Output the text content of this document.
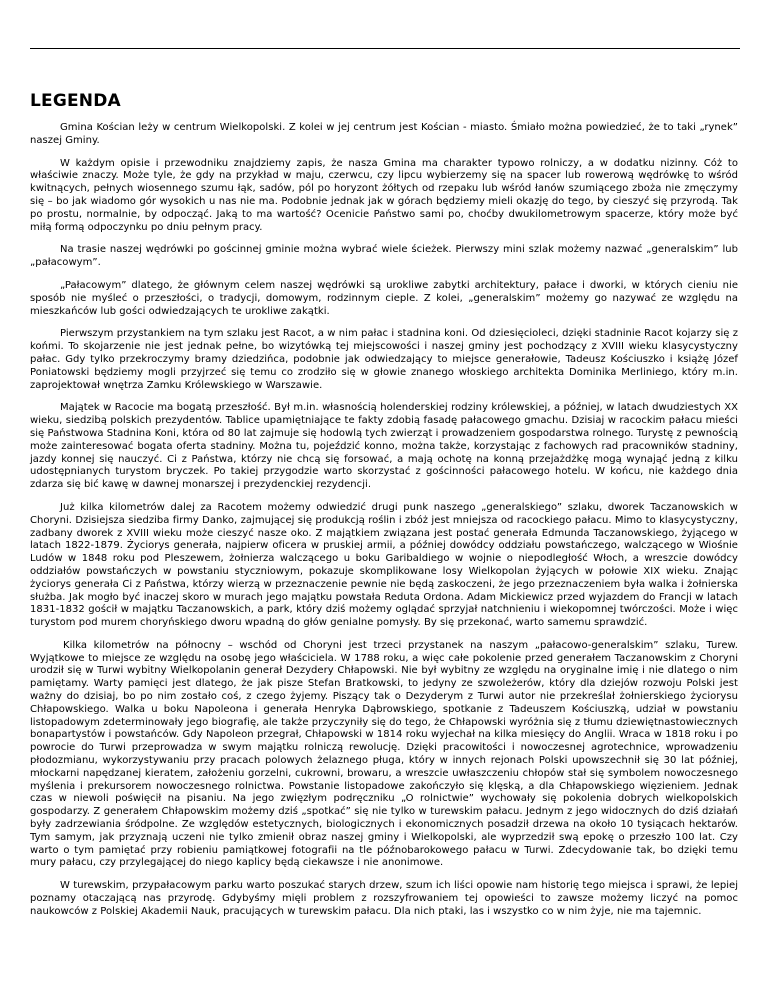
LEGENDA

Gmina Kościan leży w centrum Wielkopolski. Z kolei w jej centrum jest Kościan - miasto. Śmiało można powiedzieć, że to taki „rynek” naszej Gminy.

W każdym opisie i przewodniku znajdziemy zapis, że nasza Gmina ma charakter typowo rolniczy, a w dodatku nizinny. Cóż to właściwie znaczy. Może tyle, że gdy na przykład w maju, czerwcu, czy lipcu wybierzemy się na spacer lub rowerową wędrówkę to wśród kwitnących, pełnych wiosennego szumu łąk, sadów, pól po horyzont żółtych od rzepaku lub wśród łanów szumiącego zboża nie zmęczymy się – bo jak wiadomo gór wysokich u nas nie ma. Podobnie jednak jak w górach będziemy mieli okazję do tego, by cieszyć się przyrodą. Tak po prostu, normalnie, by odpocząć. Jaką to ma wartość? Ocenicie Państwo sami po, choćby dwukilometrowym spacerze, który może być miłą formą odpoczynku po dniu pełnym pracy.

Na trasie naszej wędrówki po gościnnej gminie można wybrać wiele ścieżek. Pierwszy mini szlak możemy nazwać „generalskim” lub „pałacowym”.

„Pałacowym” dlatego, że głównym celem naszej wędrówki są urokliwe zabytki architektury, pałace i dworki, w których cieniu nie sposób nie myśleć o przeszłości, o tradycji, domowym, rodzinnym cieple. Z kolei, „generalskim” możemy go nazywać ze względu na mieszkańców lub gości odwiedzających te urokliwe zakątki.

Pierwszym przystankiem na tym szlaku jest Racot, a w nim pałac i stadnina koni. Od dziesięcioleci, dzięki stadninie Racot kojarzy się z końmi. To skojarzenie nie jest jednak pełne, bo wizytówką tej miejscowości i naszej gminy jest pochodzący z XVIII wieku klasycystyczny pałac. Gdy tylko przekroczymy bramy dziedzińca, podobnie jak odwiedzający to miejsce generałowie, Tadeusz Kościuszko i książę Józef Poniatowski będziemy mogli przyjrzeć się temu co zrodziło się w głowie znanego włoskiego architekta Dominika Merliniego, który m.in. zaprojektował wnętrza Zamku Królewskiego w Warszawie.

Majątek w Racocie ma bogatą przeszłość. Był m.in. własnością holenderskiej rodziny królewskiej, a później, w latach dwudziestych XX wieku, siedzibą polskich prezydentów. Tablice upamiętniające te fakty zdobią fasadę pałacowego gmachu. Dzisiaj w racockim pałacu mieści się Państwowa Stadnina Koni, która od 80 lat zajmuje się hodowlą tych zwierząt i prowadzeniem gospodarstwa rolnego. Turystę z pewnością może zainteresować bogata oferta stadniny. Można tu, pojeździć konno, można także, korzystając z fachowych rad pracowników stadniny, jazdy konnej się nauczyć. Ci z Państwa, którzy nie chcą się forsować, a mają ochotę na konną przejażdżkę mogą wynająć jedną z kilku udostępnianych turystom bryczek. Po takiej przygodzie warto skorzystać z gościnności pałacowego hotelu. W końcu, nie każdego dnia zdarza się bić kawę w dawnej monarszej i prezydenckiej rezydencji.

Już kilka kilometrów dalej za Racotem możemy odwiedzić drugi punk naszego „generalskiego” szlaku, dworek Taczanowskich w Choryni. Dzisiejsza siedziba firmy Danko, zajmującej się produkcją roślin i zbóż jest mniejsza od racockiego pałacu. Mimo to klasycystyczny, zadbany dworek z XVIII wieku może cieszyć nasze oko. Z majątkiem związana jest postać generała Edmunda Taczanowskiego, żyjącego w latach 1822-1879. Życiorys generała, najpierw oficera w pruskiej armii, a później dowódcy oddziału powstańczego, walczącego w Wiośnie Ludów w 1848 roku pod Pleszewem, żołnierza walczącego u boku Garibaldiego w wojnie o niepodległość Włoch, a wreszcie dowódcy oddziałów powstańczych w powstaniu styczniowym, pokazuje skomplikowane losy Wielkopolan żyjących w połowie XIX wieku. Znając życiorys generała Ci z Państwa, którzy wierzą w przeznaczenie pewnie nie będą zaskoczeni, że jego przeznaczeniem była walka i żołnierska służba. Jak mogło być inaczej skoro w murach jego majątku powstała Reduta Ordona. Adam Mickiewicz przed wyjazdem do Francji w latach 1831-1832 gościł w majątku Taczanowskich, a park, który dziś możemy oglądać sprzyjał natchnieniu i wiekopomnej twórczości. Może i więc turystom pod murem choryńskiego dworu wpadną do głów genialne pomysły. By się przekonać, warto samemu sprawdzić.

Kilka kilometrów na północny – wschód od Choryni jest trzeci przystanek na naszym „pałacowo-generalskim” szlaku, Turew. Wyjątkowe to miejsce ze względu na osobę jego właściciela. W 1788 roku, a więc całe pokolenie przed generałem Taczanowskim z Choryni urodził się w Turwi wybitny Wielkopolanin generał Dezydery Chłapowski. Nie był wybitny ze względu na oryginalne imię i nie dlatego o nim pamiętamy. Warty pamięci jest dlatego, że jak pisze Stefan Bratkowski, to jedyny ze szwoleżerów, który dla dziejów rozwoju Polski jest ważny do dzisiaj, bo po nim zostało coś, z czego żyjemy. Piszący tak o Dezyderym z Turwi autor nie przekreślał żołnierskiego życiorysu Chłapowskiego. Walka u boku Napoleona i generała Henryka Dąbrowskiego, spotkanie z Tadeuszem Kościuszką, udział w powstaniu listopadowym zdeterminowały jego biografię, ale także przyczyniły się do tego, że Chłapowski wyróżnia się z tłumu dziewiętnastowiecznych bonapartystów i powstańców. Gdy Napoleon przegrał, Chłapowski w 1814 roku wyjechał na kilka miesięcy do Anglii. Wraca w 1818 roku i po powrocie do Turwi przeprowadza w swym majątku rolniczą rewolucję. Dzięki pracowitości i nowoczesnej agrotechnice, wprowadzeniu płodozmianu, wykorzystywaniu przy pracach polowych żelaznego pługa, który w innych rejonach Polski upowszechnił się 30 lat później, młockarni napędzanej kieratem, założeniu gorzelni, cukrowni, browaru, a wreszcie uwłaszczeniu chłopów stał się symbolem nowoczesnego myślenia i prekursorem nowoczesnego rolnictwa. Powstanie listopadowe zakończyło się klęską, a dla Chłapowskiego więzieniem. Jednak czas w niewoli poświęcił na pisaniu. Na jego zwięzłym podręczniku „O rolnictwie” wychowały się pokolenia dobrych wielkopolskich gospodarzy. Z generałem Chłapowskim możemy dziś „spotkać” się nie tylko w turewskim pałacu. Jednym z jego widocznych do dziś działań były zadrzewiania śródpolne. Ze względów estetycznych, biologicznych i ekonomicznych posadził drzewa na około 10 tysiącach hektarów. Tym samym, jak przyznają uczeni nie tylko zmienił obraz naszej gminy i Wielkopolski, ale wyprzedził swą epokę o przeszło 100 lat. Czy warto o tym pamiętać przy robieniu pamiątkowej fotografii na tle późnobarokowego pałacu w Turwi. Zdecydowanie tak, bo dzięki temu mury pałacu, czy przylegającej do niego kaplicy będą ciekawsze i nie anonimowe.

W turewskim, przypałacowym parku warto poszukać starych drzew, szum ich liści opowie nam historię tego miejsca i sprawi, że lepiej poznamy otaczającą nas przyrodę. Gdybyśmy mięli problem z rozszyfrowaniem tej opowieści to zawsze możemy liczyć na pomoc naukowców z Polskiej Akademii Nauk, pracujących w turewskim pałacu. Dla nich ptaki, las i wszystko co w nim żyje, nie ma tajemnic.
